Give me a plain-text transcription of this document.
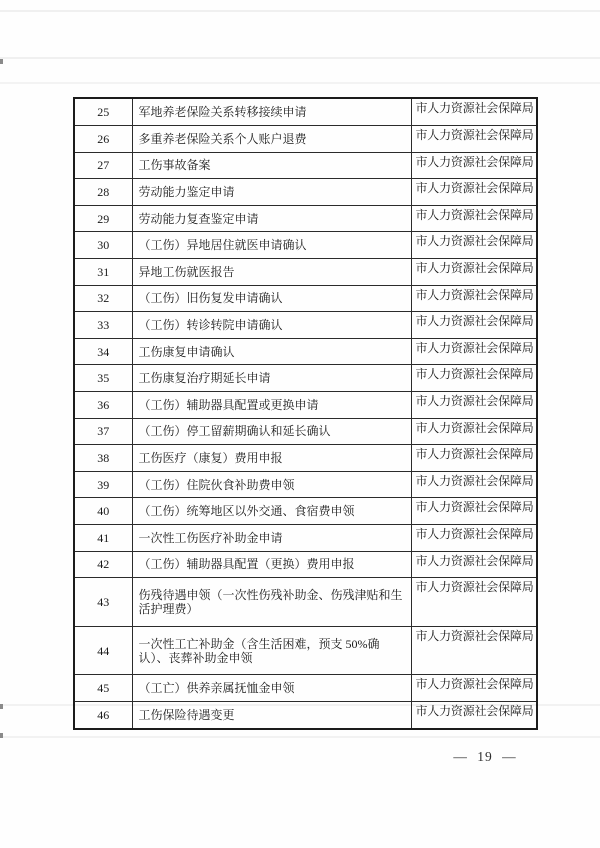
25	军地养老保险关系转移接续申请	市人力资源社会保障局
26	多重养老保险关系个人账户退费	市人力资源社会保障局
27	工伤事故备案	市人力资源社会保障局
28	劳动能力鉴定申请	市人力资源社会保障局
29	劳动能力复查鉴定申请	市人力资源社会保障局
30	（工伤）异地居住就医申请确认	市人力资源社会保障局
31	异地工伤就医报告	市人力资源社会保障局
32	（工伤）旧伤复发申请确认	市人力资源社会保障局
33	（工伤）转诊转院申请确认	市人力资源社会保障局
34	工伤康复申请确认	市人力资源社会保障局
35	工伤康复治疗期延长申请	市人力资源社会保障局
36	（工伤）辅助器具配置或更换申请	市人力资源社会保障局
37	（工伤）停工留薪期确认和延长确认	市人力资源社会保障局
38	工伤医疗（康复）费用申报	市人力资源社会保障局
39	（工伤）住院伙食补助费申领	市人力资源社会保障局
40	（工伤）统筹地区以外交通、食宿费申领	市人力资源社会保障局
41	一次性工伤医疗补助金申请	市人力资源社会保障局
42	（工伤）辅助器具配置（更换）费用申报	市人力资源社会保障局
43	伤残待遇申领（一次性伤残补助金、伤残津贴和生活护理费）	市人力资源社会保障局
44	一次性工亡补助金（含生活困难，预支 50%确认）、丧葬补助金申领	市人力资源社会保障局
45	（工亡）供养亲属抚恤金申领	市人力资源社会保障局
46	工伤保险待遇变更	市人力资源社会保障局
— 19 —
